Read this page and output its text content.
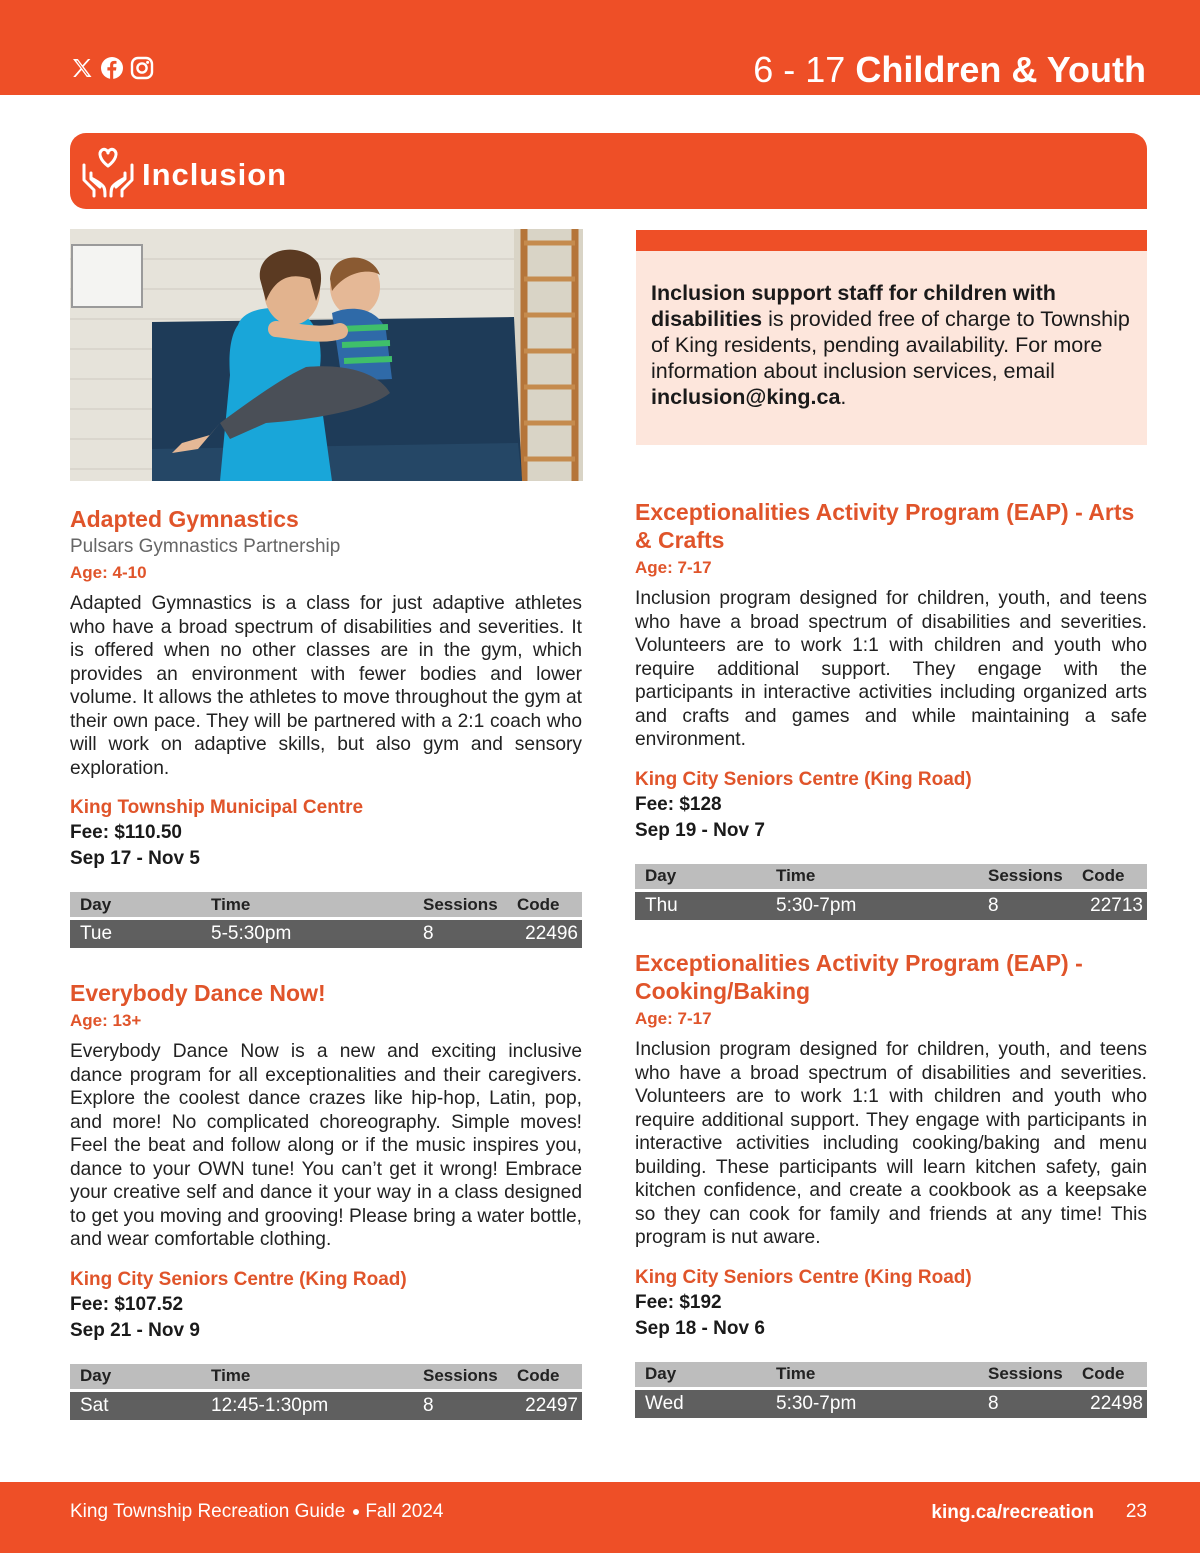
6 - 17 Children & Youth
Inclusion
Inclusion support staff for children with disabilities is provided free of charge to Township of King residents, pending availability. For more information about inclusion services, email inclusion@king.ca.
Adapted Gymnastics
Pulsars Gymnastics Partnership
Age: 4-10
Adapted Gymnastics is a class for just adaptive athletes who have a broad spectrum of disabilities and severities. It is offered when no other classes are in the gym, which provides an environment with fewer bodies and lower volume. It allows the athletes to move throughout the gym at their own pace. They will be partnered with a 2:1 coach who will work on adaptive skills, but also gym and sensory exploration.
King Township Municipal Centre
Fee: $110.50
Sep 17 - Nov 5
Day	Time	Sessions	Code
Tue	5-5:30pm	8	22496
Everybody Dance Now!
Age: 13+
Everybody Dance Now is a new and exciting inclusive dance program for all exceptionalities and their caregivers. Explore the coolest dance crazes like hip-hop, Latin, pop, and more! No complicated choreography. Simple moves! Feel the beat and follow along or if the music inspires you, dance to your OWN tune! You can’t get it wrong! Embrace your creative self and dance it your way in a class designed to get you moving and grooving! Please bring a water bottle, and wear comfortable clothing.
King City Seniors Centre (King Road)
Fee: $107.52
Sep 21 - Nov 9
Day	Time	Sessions	Code
Sat	12:45-1:30pm	8	22497
Exceptionalities Activity Program (EAP) - Arts & Crafts
Age: 7-17
Inclusion program designed for children, youth, and teens who have a broad spectrum of disabilities and severities. Volunteers are to work 1:1 with children and youth who require additional support. They engage with the participants in interactive activities including organized arts and crafts and games and while maintaining a safe environment.
King City Seniors Centre (King Road)
Fee: $128
Sep 19 - Nov 7
Day	Time	Sessions	Code
Thu	5:30-7pm	8	22713
Exceptionalities Activity Program (EAP) - Cooking/Baking
Age: 7-17
Inclusion program designed for children, youth, and teens who have a broad spectrum of disabilities and severities. Volunteers are to work 1:1 with children and youth who require additional support. They engage with participants in interactive activities including cooking/baking and menu building. These participants will learn kitchen safety, gain kitchen confidence, and create a cookbook as a keepsake so they can cook for family and friends at any time! This program is nut aware.
King City Seniors Centre (King Road)
Fee: $192
Sep 18 - Nov 6
Day	Time	Sessions	Code
Wed	5:30-7pm	8	22498
King Township Recreation Guide Fall 2024	king.ca/recreation 23
